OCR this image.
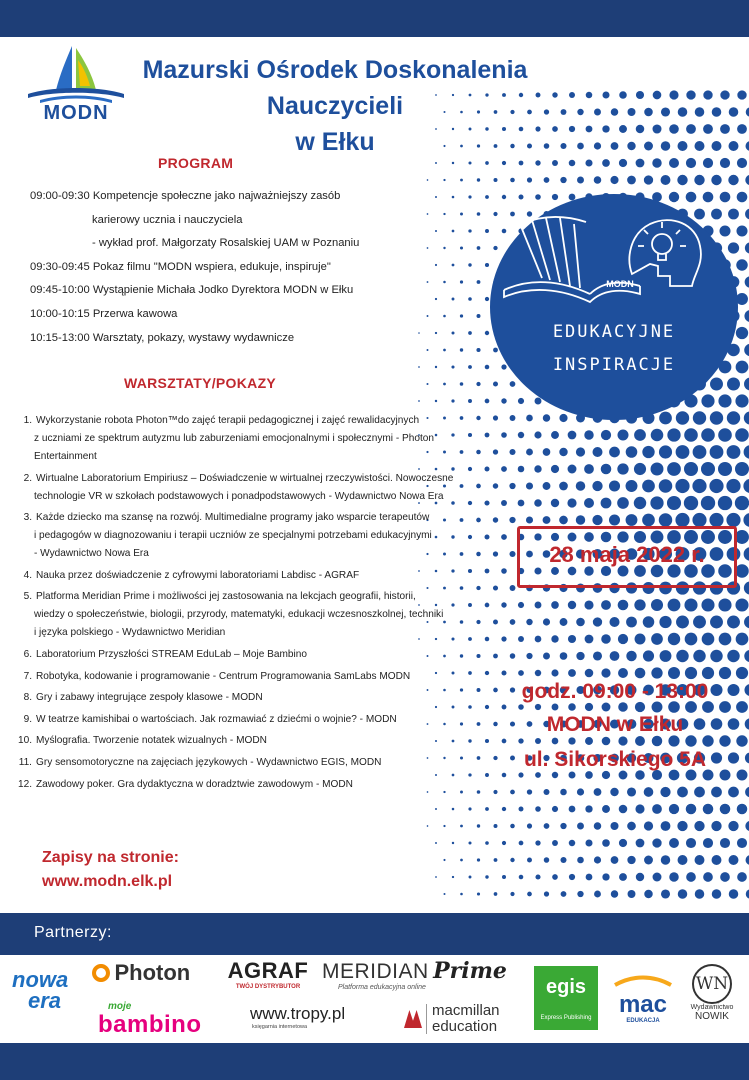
MODN
Mazurski Ośrodek Doskonalenia Nauczycieli
w Ełku
PROGRAM
09:00-09:30 Kompetencje społeczne jako najważniejszy zasób
karierowy ucznia i nauczyciela
- wykład prof. Małgorzaty Rosalskiej UAM w Poznaniu
09:30-09:45 Pokaz filmu "MODN wspiera, edukuje, inspiruje"
09:45-10:00 Wystąpienie Michała Jodko Dyrektora MODN w Ełku
10:00-10:15 Przerwa kawowa
10:15-13:00 Warsztaty, pokazy, wystawy wydawnicze
WARSZTATY/POKAZY
1. Wykorzystanie robota Photon™do zajęć terapii pedagogicznej i zajęć rewalidacyjnych
z uczniami ze spektrum autyzmu lub zaburzeniami emocjonalnymi i społecznymi - Photon
Entertainment
2. Wirtualne Laboratorium Empiriusz – Doświadczenie w wirtualnej rzeczywistości. Nowoczesne
technologie VR w szkołach podstawowych i ponadpodstawowych - Wydawnictwo Nowa Era
3. Każde dziecko ma szansę na rozwój. Multimedialne programy jako wsparcie terapeutów
i pedagogów w diagnozowaniu i terapii uczniów ze specjalnymi potrzebami edukacyjnymi
- Wydawnictwo Nowa Era
4. Nauka przez doświadczenie z cyfrowymi laboratoriami Labdisc - AGRAF
5. Platforma Meridian Prime i możliwości jej zastosowania na lekcjach geografii, historii,
wiedzy o społeczeństwie, biologii, przyrody, matematyki, edukacji wczesnoszkolnej, techniki
i języka polskiego - Wydawnictwo Meridian
6. Laboratorium Przyszłości STREAM EduLab – Moje Bambino
7. Robotyka, kodowanie i programowanie - Centrum Programowania SamLabs MODN
8. Gry i zabawy integrujące zespoły klasowe - MODN
9. W teatrze kamishibai o wartościach. Jak rozmawiać z dziećmi o wojnie? - MODN
10. Myślografia. Tworzenie notatek wizualnych - MODN
11. Gry sensomotoryczne na zajęciach językowych - Wydawnictwo EGIS, MODN
12. Zawodowy poker. Gra dydaktyczna w doradztwie zawodowym - MODN
Zapisy na stronie:
www.modn.elk.pl
MODN
EDUKACYJNE
INSPIRACJE
28 maja 2022 r.
godz. 09:00 - 13:00
MODN w Ełku
ul. Sikorskiego 5A
Partnerzy:
nowa
era
Photon AGRAF
TWÓJ DYSTRYBUTOR
MERIDIAN Prime
Platforma edukacyjna online	egis
Express Publishing mac
EDUKACJA
WN
Wydawnictwo
NOWIK
moje
bambino	www.tropy.pl
księgarnia internetowa
macmillan
education
